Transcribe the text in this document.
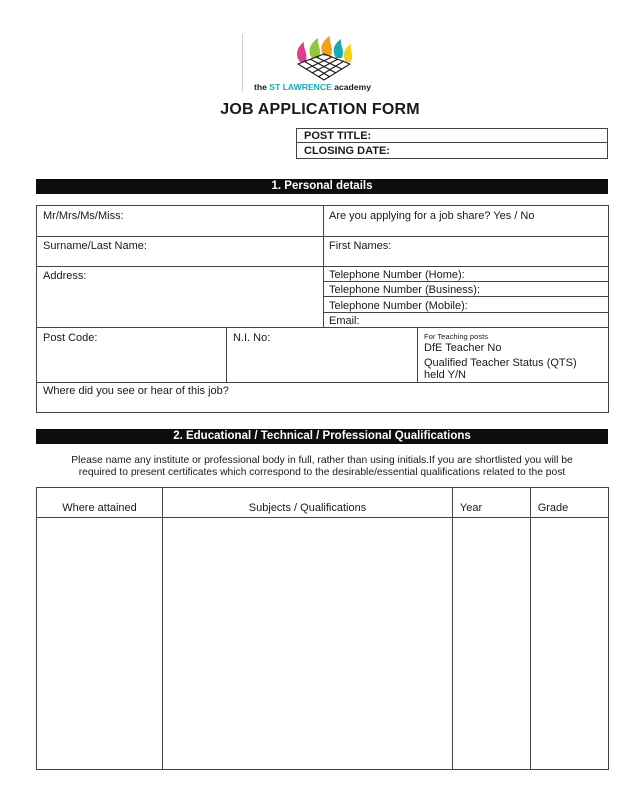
the ST LAWRENCE academy
JOB APPLICATION FORM
POST TITLE:
CLOSING DATE:
1. Personal details
Mr/Mrs/Ms/Miss:	Are you applying for a job share? Yes / No
Surname/Last Name:	First Names:
Address:	Telephone Number (Home):
Telephone Number (Business):
Telephone Number (Mobile):
Email:
Post Code:	N.I. No:	For Teaching posts
DfE Teacher No
Qualified Teacher Status (QTS)
held Y/N
Where did you see or hear of this job?
2. Educational / Technical / Professional Qualifications
Please name any institute or professional body in full, rather than using initials.If you are shortlisted you will be
required to present certificates which correspond to the desirable/essential qualifications related to the post
Where attained	Subjects / Qualifications	Year	Grade
